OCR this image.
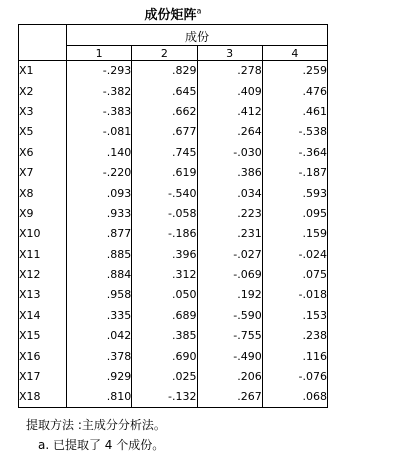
成份矩阵$^a$
	成份			
	1	2	3	4
X1	-.293	.829	.278	.259
X2	-.382	.645	.409	.476
X3	-.383	.662	.412	.461
X5	-.081	.677	.264	-.538
X6	.140	.745	-.030	-.364
X7	-.220	.619	.386	-.187
X8	.093	-.540	.034	.593
X9	.933	-.058	.223	.095
X10	.877	-.186	.231	.159
X11	.885	.396	-.027	-.024
X12	.884	.312	-.069	.075
X13	.958	.050	.192	-.018
X14	.335	.689	-.590	.153
X15	.042	.385	-.755	.238
X16	.378	.690	-.490	.116
X17	.929	.025	.206	-.076
X18	.810	-.132	.267	.068
提取方法 :主成分分析法。
a. 已提取了 4 个成份。
